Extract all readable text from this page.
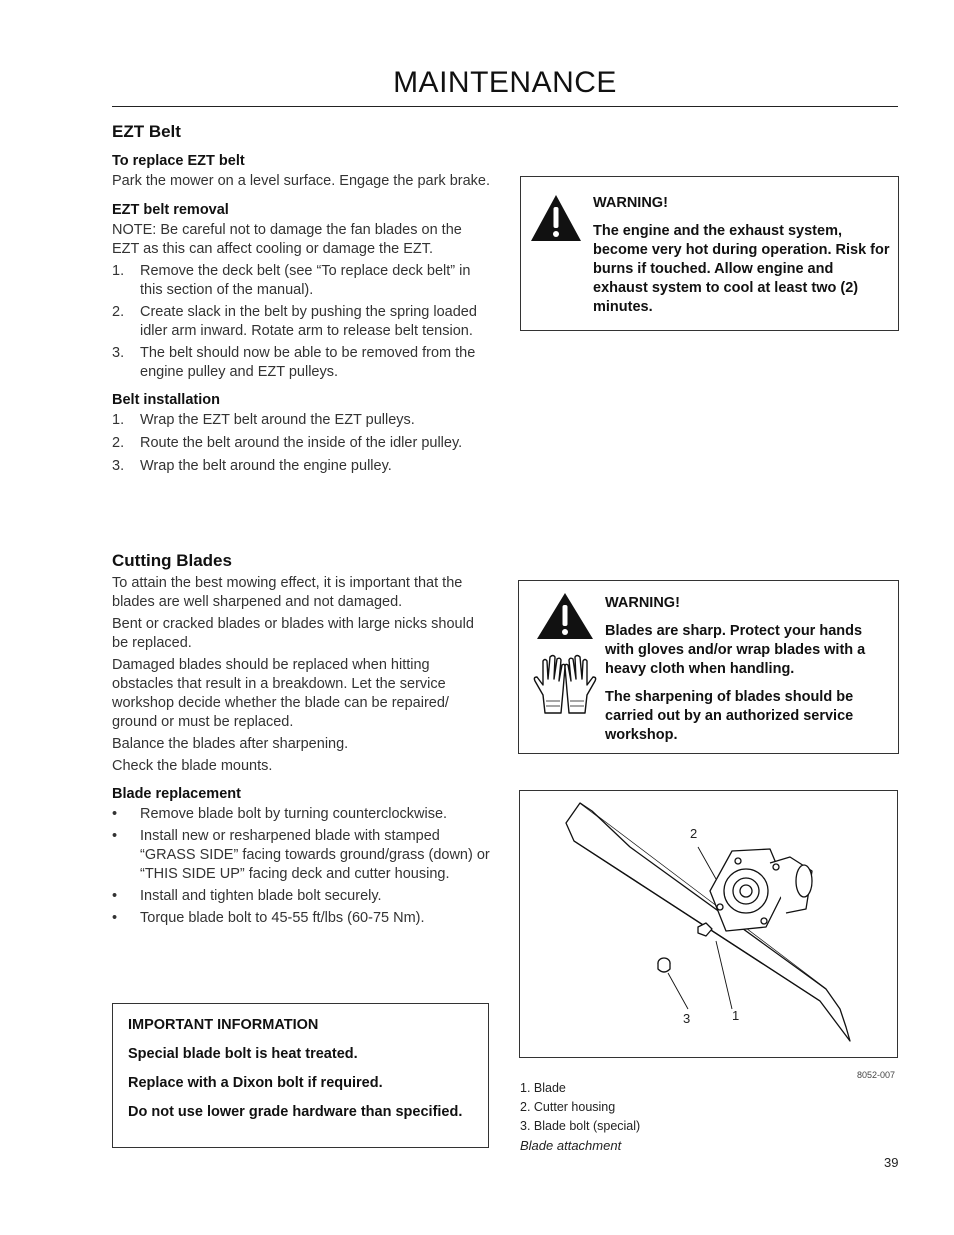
MAINTENANCE
EZT Belt
To replace EZT belt

Park the mower on a level surface. Engage the park brake.

EZT belt removal

NOTE: Be careful not to damage the fan blades on the EZT as this can affect cooling or damage the EZT.

1. Remove the deck belt (see “To replace deck belt” in this section of the manual).
2. Create slack in the belt by pushing the spring loaded idler arm inward. Rotate arm to release belt tension.
3. The belt should now be able to be removed from the engine pulley and EZT pulleys.
Belt installation
1. Wrap the EZT belt around the EZT pulleys.
2. Route the belt around the inside of the idler pulley.
3. Wrap the belt around the engine pulley.
Cutting Blades

To attain the best mowing effect, it is important that the blades are well sharpened and not damaged.

Bent or cracked blades or blades with large nicks should be replaced.

Damaged blades should be replaced when hitting obstacles that result in a breakdown. Let the service workshop decide whether the blade can be repaired/ ground or must be replaced.

Balance the blades after sharpening.

Check the blade mounts.

Blade replacement
• Remove blade bolt by turning counterclockwise.
• Install new or resharpened blade with stamped “GRASS SIDE” facing towards ground/grass (down) or “THIS SIDE UP” facing deck and cutter housing.
• Install and tighten blade bolt securely.
• Torque blade bolt to 45-55 ft/lbs (60-75 Nm).
IMPORTANT INFORMATION
Special blade bolt is heat treated.
Replace with a Dixon bolt if required.
Do not use lower grade hardware than specified.
WARNING!
The engine and the exhaust system, become very hot during operation. Risk for burns if touched. Allow engine and exhaust system to cool at least two (2) minutes.
WARNING!
Blades are sharp. Protect your hands with gloves and/or wrap blades with a heavy cloth when handling.
The sharpening of blades should be carried out by an authorized service workshop.
2
3	1
8052-007
1. Blade
2. Cutter housing
3. Blade bolt (special)
Blade attachment
39
